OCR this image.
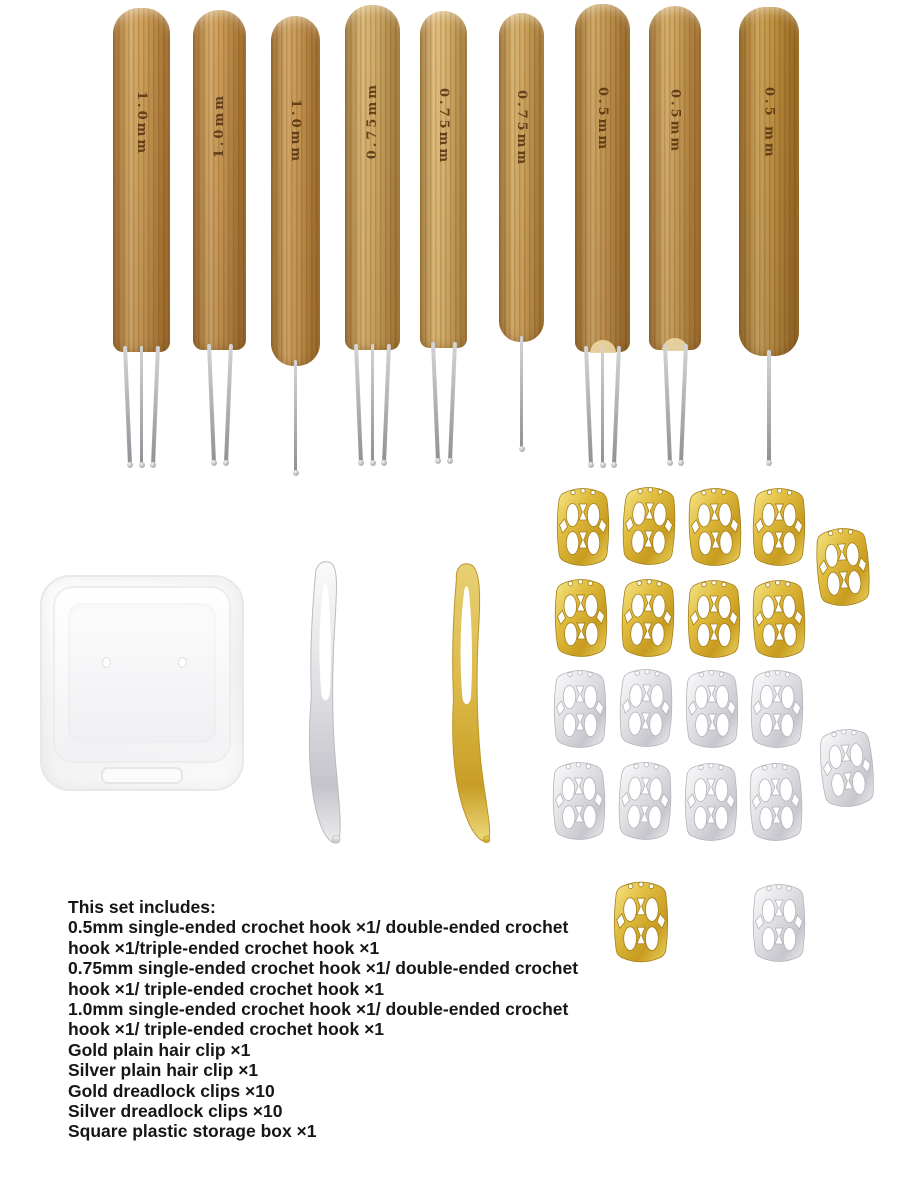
1.0mm	1.0mm	1.0mm	0.75mm	0.75mm	0.75mm	0.5mm	0.5mm	0.5 mm
This set includes:
0.5mm single-ended crochet hook ×1/ double-ended crochet
hook ×1/triple-ended crochet hook ×1
0.75mm single-ended crochet hook ×1/ double-ended crochet
hook ×1/ triple-ended crochet hook ×1
1.0mm single-ended crochet hook ×1/ double-ended crochet
hook ×1/ triple-ended crochet hook ×1
Gold plain hair clip ×1
Silver plain hair clip ×1
Gold dreadlock clips ×10
Silver dreadlock clips ×10
Square plastic storage box ×1
